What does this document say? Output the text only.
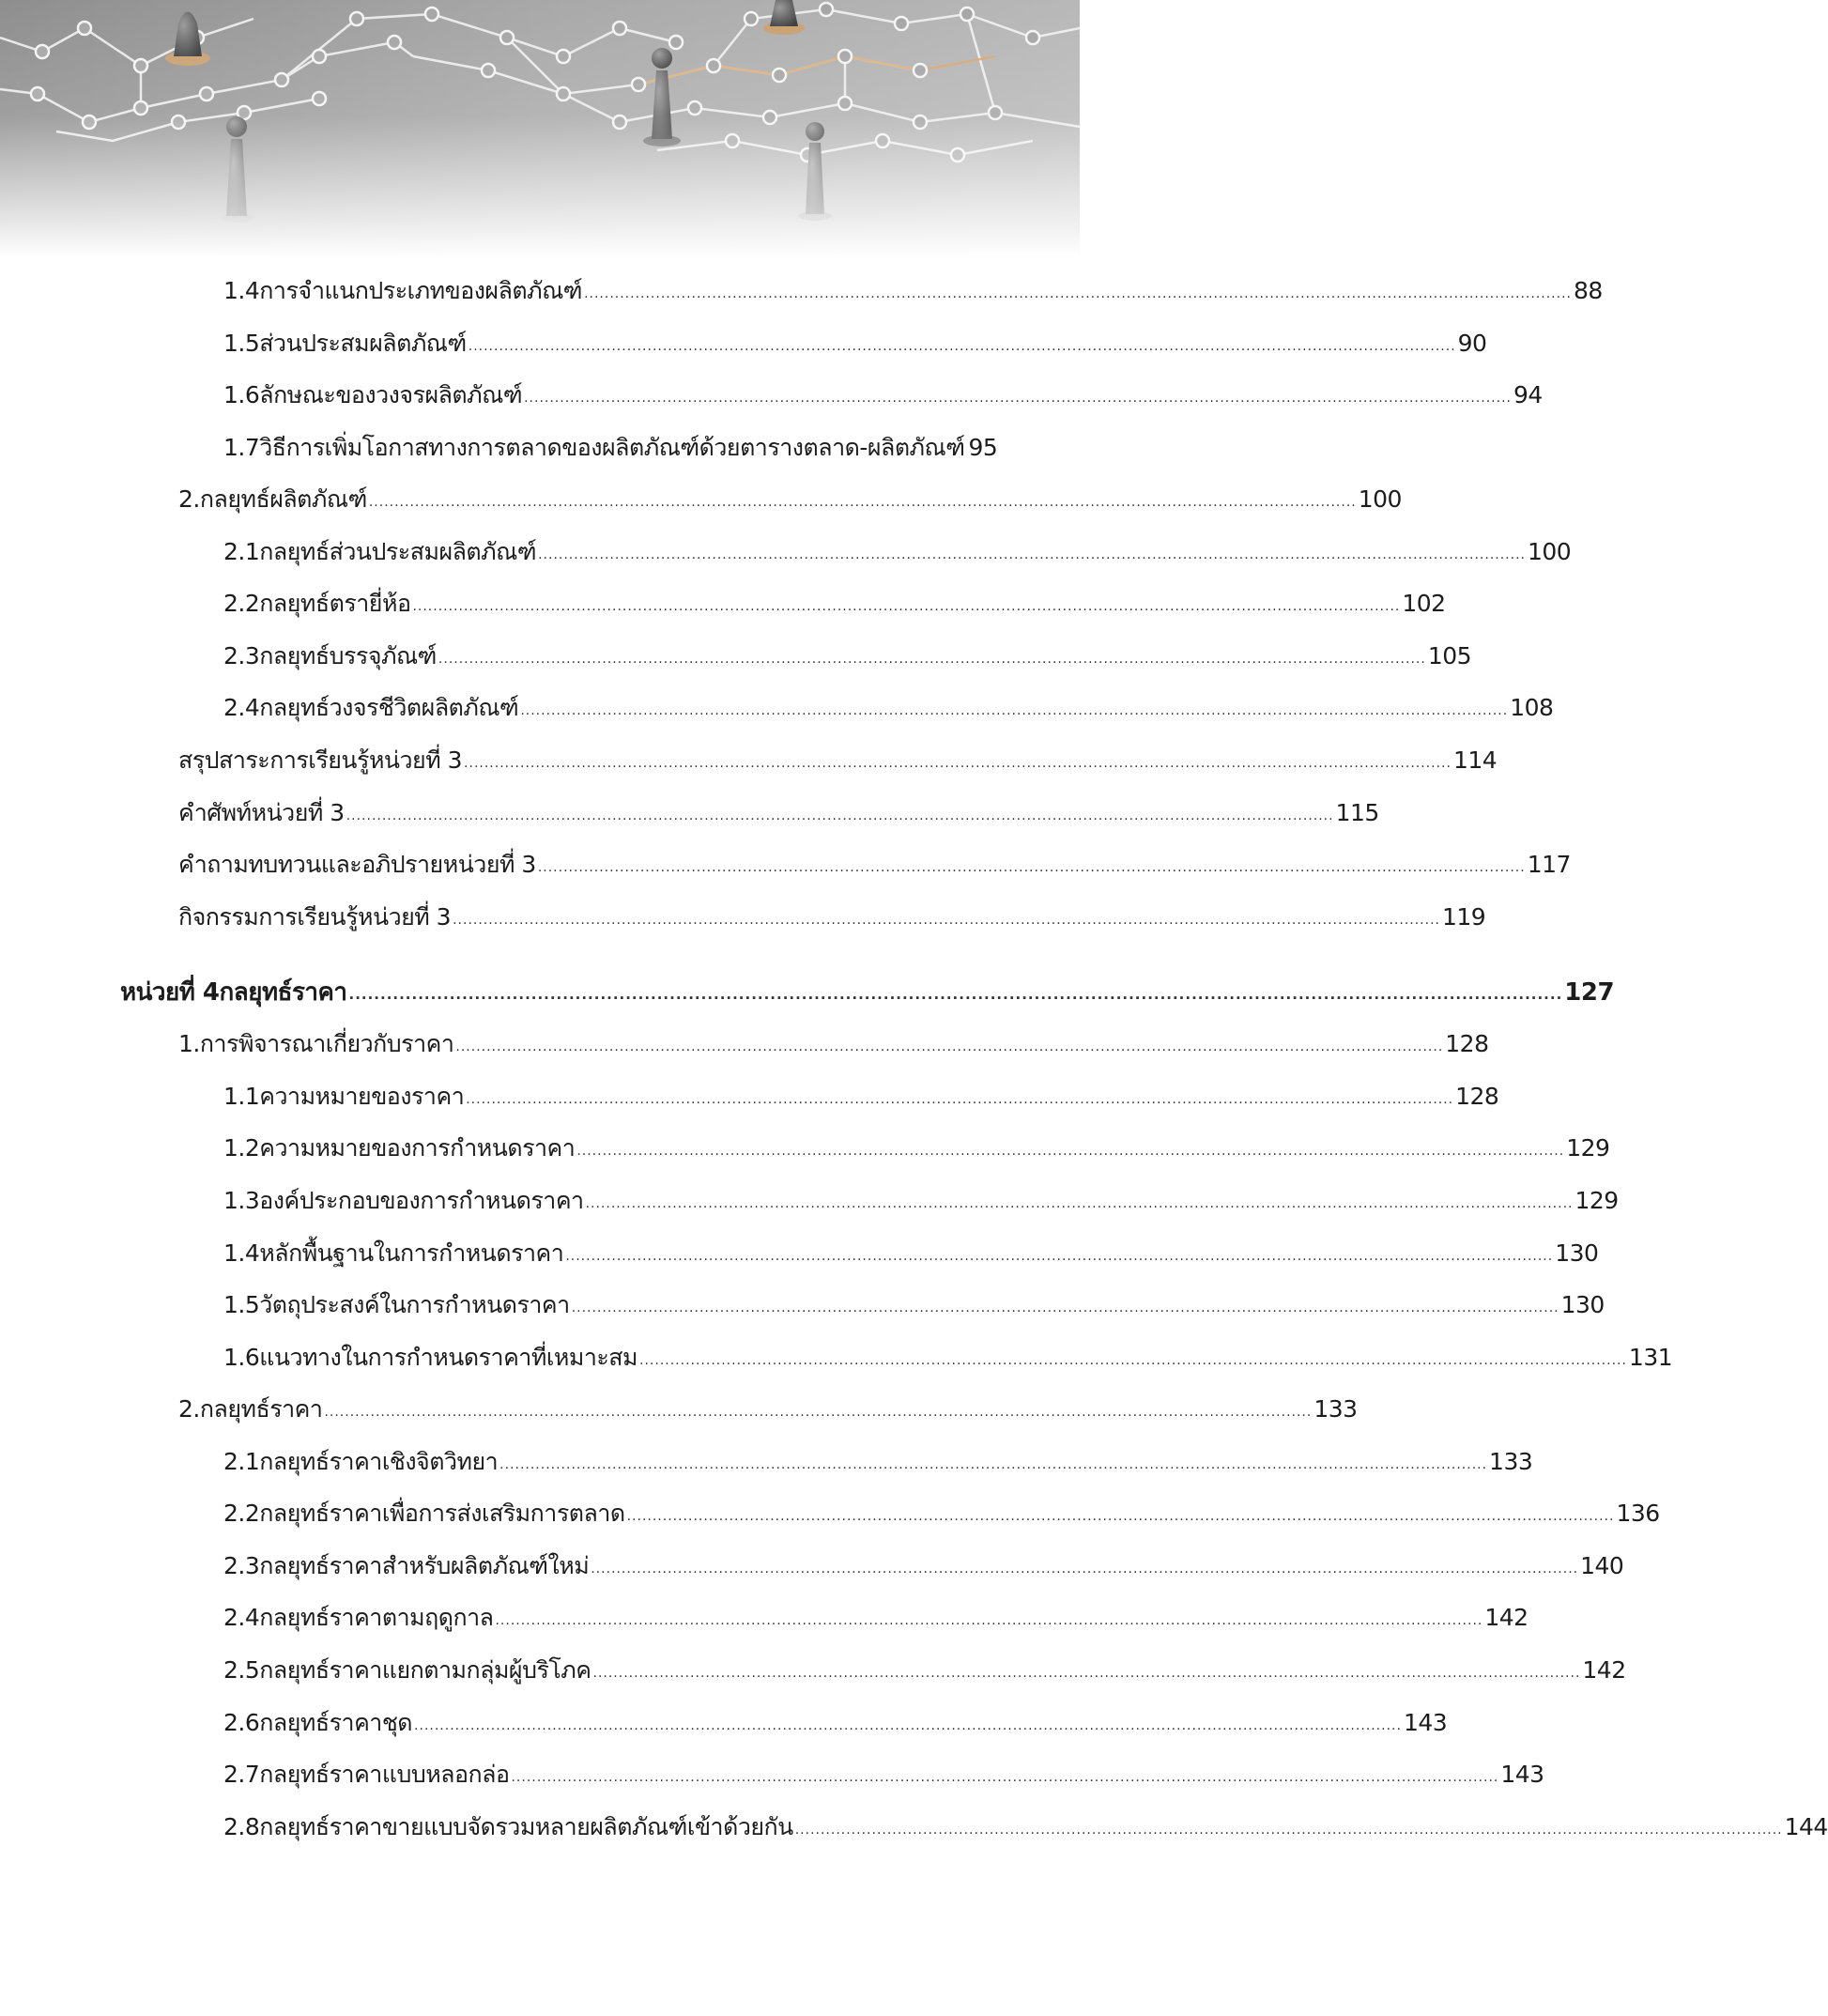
1.4 การจำแนกประเภทของผลิตภัณฑ์ ................................................................................................................................................................................................. 88
1.5 ส่วนประสมผลิตภัณฑ์ ................................................................................................................................................................................................. 90
1.6 ลักษณะของวงจรผลิตภัณฑ์ ................................................................................................................................................................................................. 94
1.7 วิธีการเพิ่มโอกาสทางการตลาดของผลิตภัณฑ์ด้วยตารางตลาด-ผลิตภัณฑ์ 95
2. กลยุทธ์ผลิตภัณฑ์ ................................................................................................................................................................................................. 100
2.1 กลยุทธ์ส่วนประสมผลิตภัณฑ์ ................................................................................................................................................................................................. 100
2.2 กลยุทธ์ตรายี่ห้อ ................................................................................................................................................................................................. 102
2.3 กลยุทธ์บรรจุภัณฑ์ ................................................................................................................................................................................................. 105
2.4 กลยุทธ์วงจรชีวิตผลิตภัณฑ์ ................................................................................................................................................................................................. 108
สรุปสาระการเรียนรู้หน่วยที่ 3 ................................................................................................................................................................................................. 114
คำศัพท์หน่วยที่ 3 ................................................................................................................................................................................................. 115
คำถามทบทวนและอภิปรายหน่วยที่ 3 ................................................................................................................................................................................................. 117
กิจกรรมการเรียนรู้หน่วยที่ 3 ................................................................................................................................................................................................. 119
หน่วยที่ 4 กลยุทธ์ราคา ................................................................................................................................................................................................. 127
1. การพิจารณาเกี่ยวกับราคา ................................................................................................................................................................................................. 128
1.1 ความหมายของราคา ................................................................................................................................................................................................. 128
1.2 ความหมายของการกำหนดราคา ................................................................................................................................................................................................. 129
1.3 องค์ประกอบของการกำหนดราคา ................................................................................................................................................................................................. 129
1.4 หลักพื้นฐานในการกำหนดราคา ................................................................................................................................................................................................. 130
1.5 วัตถุประสงค์ในการกำหนดราคา ................................................................................................................................................................................................. 130
1.6 แนวทางในการกำหนดราคาที่เหมาะสม ................................................................................................................................................................................................. 131
2. กลยุทธ์ราคา ................................................................................................................................................................................................. 133
2.1 กลยุทธ์ราคาเชิงจิตวิทยา ................................................................................................................................................................................................. 133
2.2 กลยุทธ์ราคาเพื่อการส่งเสริมการตลาด ................................................................................................................................................................................................. 136
2.3 กลยุทธ์ราคาสำหรับผลิตภัณฑ์ใหม่ ................................................................................................................................................................................................. 140
2.4 กลยุทธ์ราคาตามฤดูกาล ................................................................................................................................................................................................. 142
2.5 กลยุทธ์ราคาแยกตามกลุ่มผู้บริโภค ................................................................................................................................................................................................. 142
2.6 กลยุทธ์ราคาชุด ................................................................................................................................................................................................. 143
2.7 กลยุทธ์ราคาแบบหลอกล่อ ................................................................................................................................................................................................. 143
2.8 กลยุทธ์ราคาขายแบบจัดรวมหลายผลิตภัณฑ์เข้าด้วยกัน ................................................................................................................................................................................................. 144
